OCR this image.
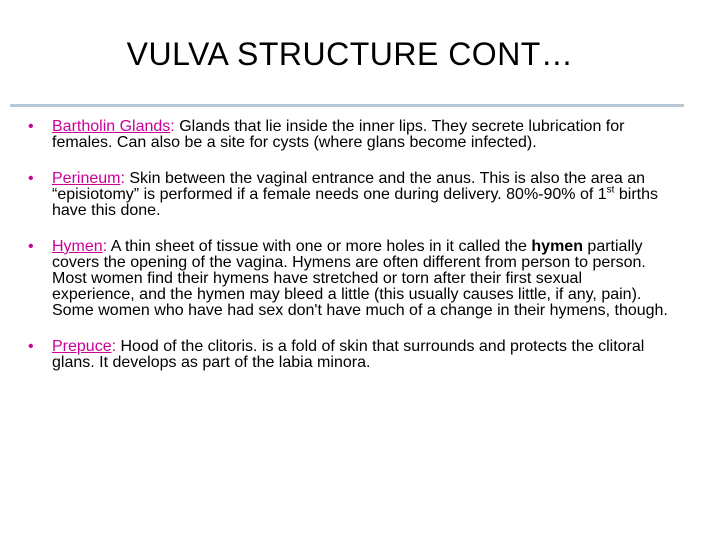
VULVA STRUCTURE CONT…
• Bartholin Glands: Glands that lie inside the inner lips. They secrete lubrication for females. Can also be a site for cysts (where glans become infected).
• Perineum: Skin between the vaginal entrance and the anus. This is also the area an “episiotomy” is performed if a female needs one during delivery. 80%-90% of 1st births have this done.
• Hymen: A thin sheet of tissue with one or more holes in it called the hymen partially covers the opening of the vagina. Hymens are often different from person to person. Most women find their hymens have stretched or torn after their first sexual experience, and the hymen may bleed a little (this usually causes little, if any, pain). Some women who have had sex don't have much of a change in their hymens, though.
• Prepuce: Hood of the clitoris. is a fold of skin that surrounds and protects the clitoral glans. It develops as part of the labia minora.
